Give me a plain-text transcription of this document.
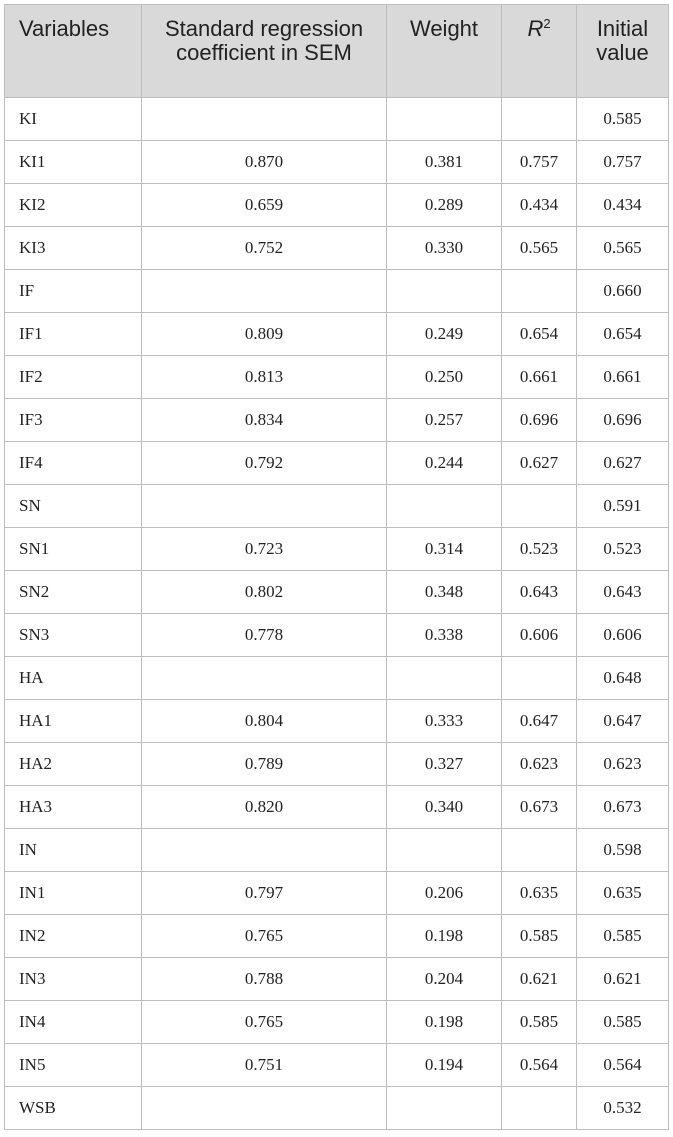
Variables	Standard regression coefficient in SEM	Weight	$R^2$	Initial value
KI				0.585
KI1	0.870	0.381	0.757	0.757
KI2	0.659	0.289	0.434	0.434
KI3	0.752	0.330	0.565	0.565
IF				0.660
IF1	0.809	0.249	0.654	0.654
IF2	0.813	0.250	0.661	0.661
IF3	0.834	0.257	0.696	0.696
IF4	0.792	0.244	0.627	0.627
SN				0.591
SN1	0.723	0.314	0.523	0.523
SN2	0.802	0.348	0.643	0.643
SN3	0.778	0.338	0.606	0.606
HA				0.648
HA1	0.804	0.333	0.647	0.647
HA2	0.789	0.327	0.623	0.623
HA3	0.820	0.340	0.673	0.673
IN				0.598
IN1	0.797	0.206	0.635	0.635
IN2	0.765	0.198	0.585	0.585
IN3	0.788	0.204	0.621	0.621
IN4	0.765	0.198	0.585	0.585
IN5	0.751	0.194	0.564	0.564
WSB				0.532
